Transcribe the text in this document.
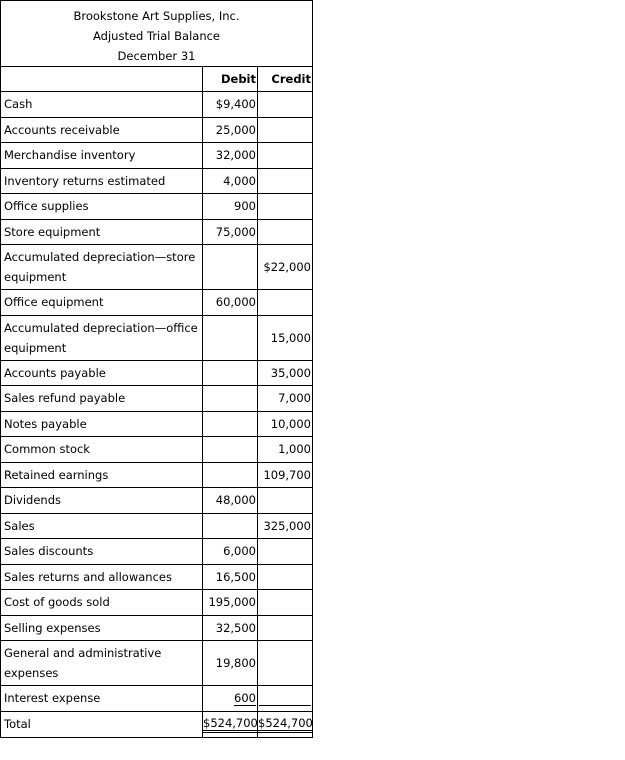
Brookstone Art Supplies, Inc.
Adjusted Trial Balance
December 31
	Debit	Credit
Cash	$9,400	
Accounts receivable	25,000	
Merchandise inventory	32,000	
Inventory returns estimated	4,000	
Office supplies	900	
Store equipment	75,000	
Accumulated depreciation—store equipment		$22,000
Office equipment	60,000	
Accumulated depreciation—office equipment		15,000
Accounts payable		35,000
Sales refund payable		7,000
Notes payable		10,000
Common stock		1,000
Retained earnings		109,700
Dividends	48,000	
Sales		325,000
Sales discounts	6,000	
Sales returns and allowances	16,500	
Cost of goods sold	195,000	
Selling expenses	32,500	
General and administrative expenses	19,800	
Interest expense	600	
Total	$524,700	$524,700
